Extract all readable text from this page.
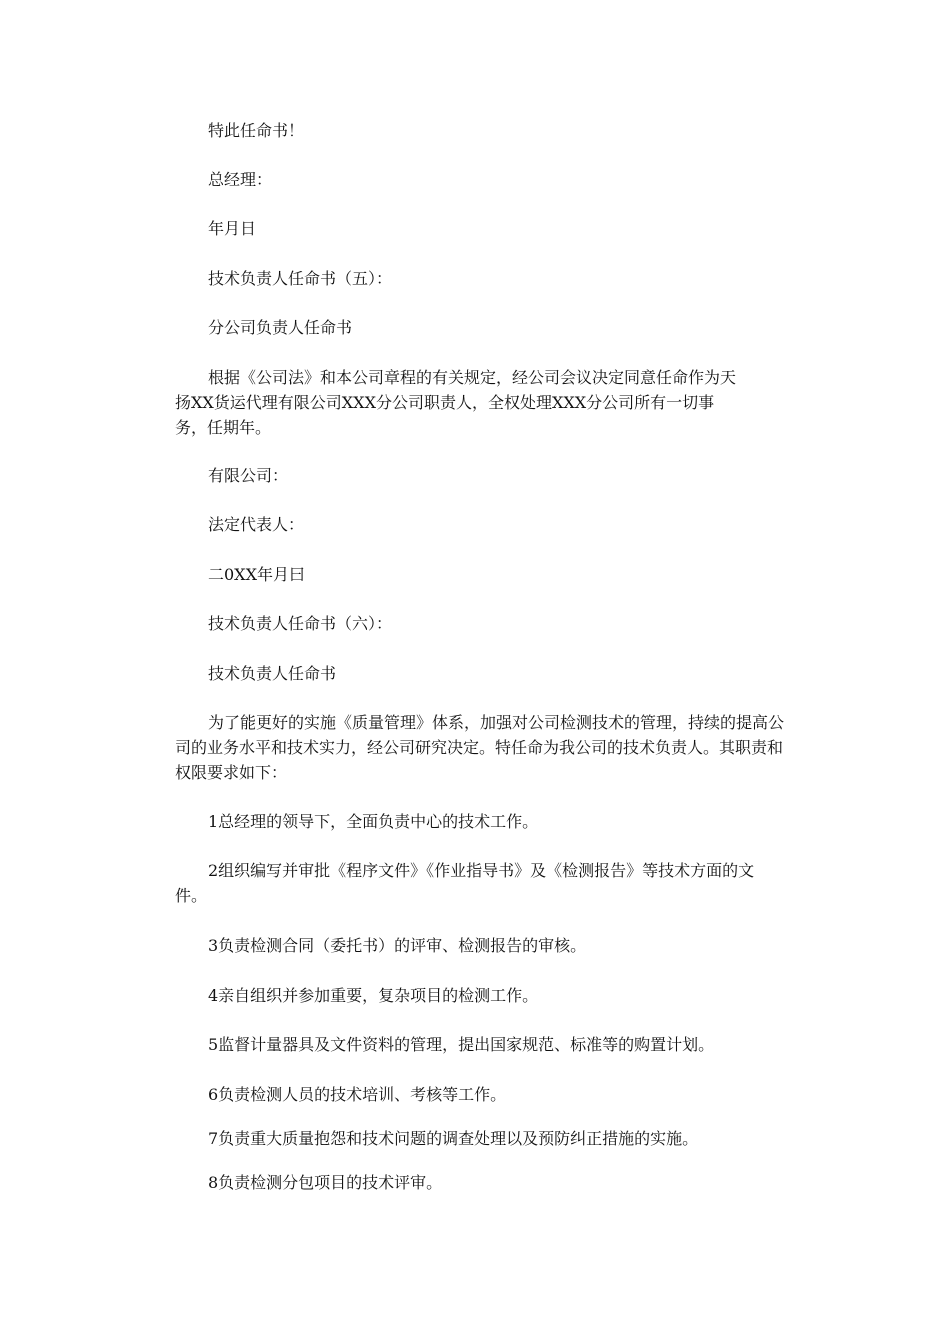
特此任命书！

总经理：

年月日

技术负责人任命书（五）：

分公司负责人任命书

根据《公司法》和本公司章程的有关规定，经公司会议决定同意任命作为天扬XX货运代理有限公司XXX分公司职责人，全权处理XXX分公司所有一切事务，任期年。

有限公司：

法定代表人：

二0XX年月曰

技术负责人任命书（六）：

技术负责人任命书

为了能更好的实施《质量管理》体系，加强对公司检测技术的管理，持续的提高公司的业务水平和技术实力，经公司研究决定。特任命为我公司的技术负责人。其职责和权限要求如下：

1总经理的领导下，全面负责中心的技术工作。

2组织编写并审批《程序文件》《作业指导书》及《检测报告》等技术方面的文件。

3负责检测合同（委托书）的评审、检测报告的审核。

4亲自组织并参加重要，复杂项目的检测工作。

5监督计量器具及文件资料的管理，提出国家规范、标准等的购置计划。

6负责检测人员的技术培训、考核等工作。

7负责重大质量抱怨和技术问题的调查处理以及预防纠正措施的实施。

8负责检测分包项目的技术评审。
